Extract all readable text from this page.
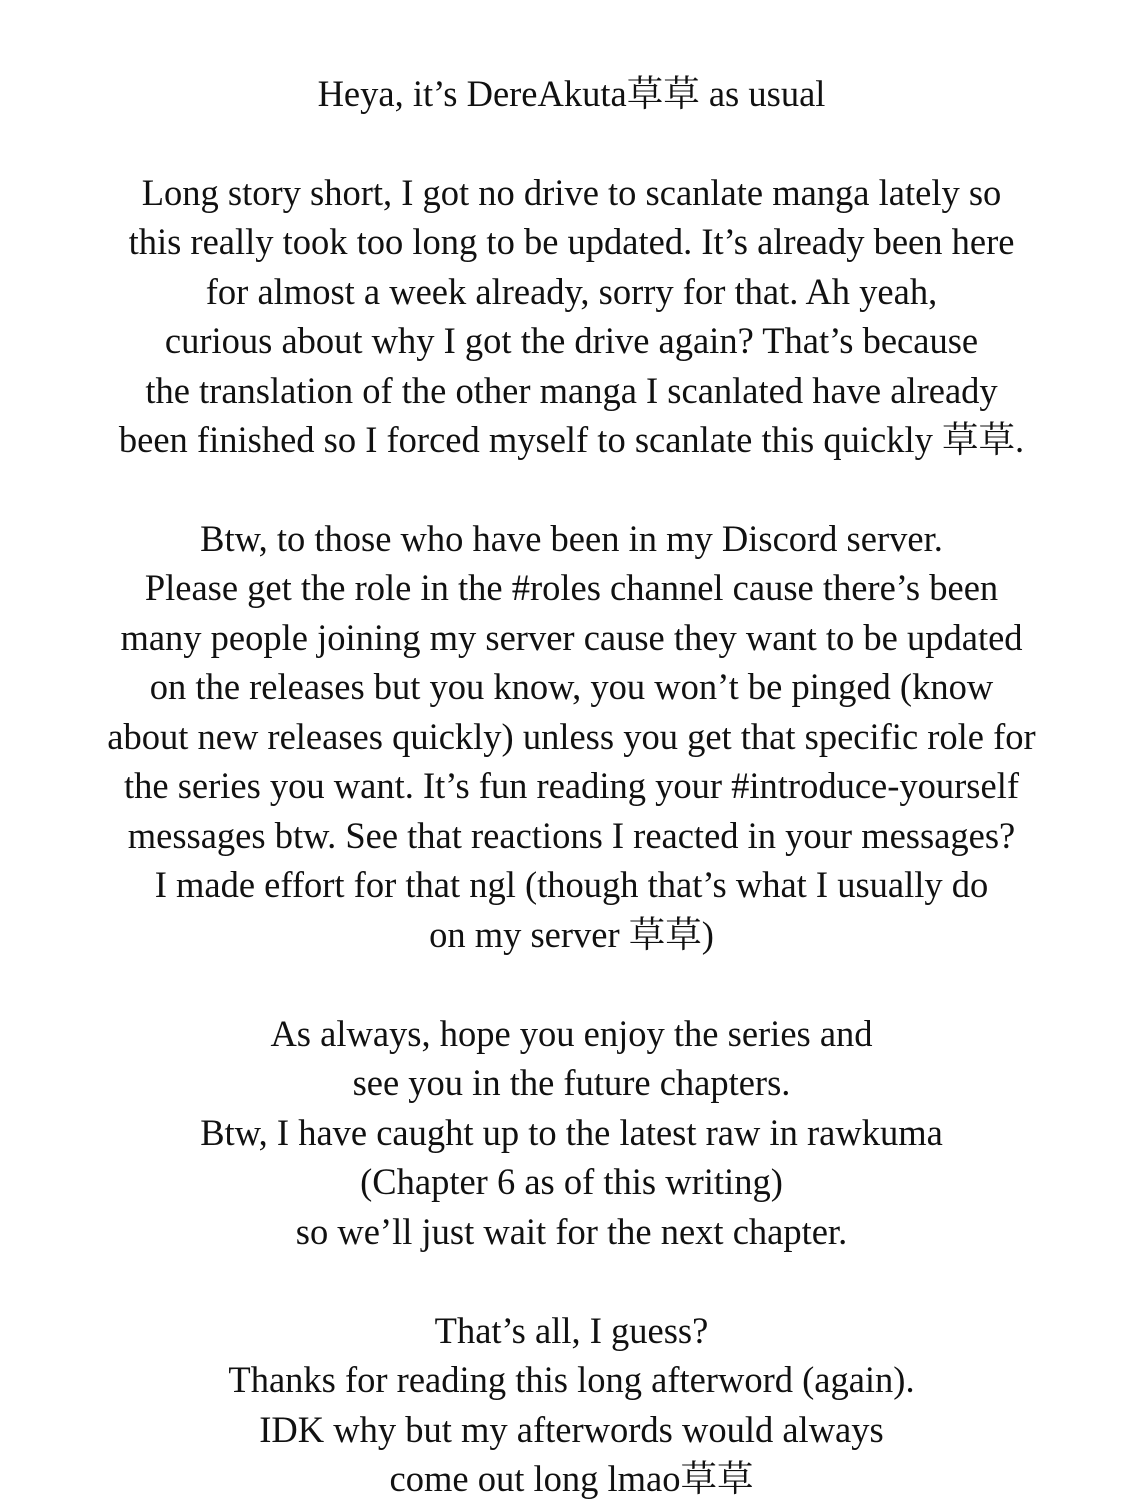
Heya, it’s DereAkuta草草 as usual
Long story short, I got no drive to scanlate manga lately so
this really took too long to be updated. It’s already been here
for almost a week already, sorry for that. Ah yeah,
curious about why I got the drive again? That’s because
the translation of the other manga I scanlated have already
been finished so I forced myself to scanlate this quickly 草草.
Btw, to those who have been in my Discord server.
Please get the role in the #roles channel cause there’s been
many people joining my server cause they want to be updated
on the releases but you know, you won’t be pinged (know
about new releases quickly) unless you get that specific role for
the series you want. It’s fun reading your #introduce-yourself
messages btw. See that reactions I reacted in your messages?
I made effort for that ngl (though that’s what I usually do
on my server 草草)
As always, hope you enjoy the series and
see you in the future chapters.
Btw, I have caught up to the latest raw in rawkuma
(Chapter 6 as of this writing)
so we’ll just wait for the next chapter.
That’s all, I guess?
Thanks for reading this long afterword (again).
IDK why but my afterwords would always
come out long lmao草草
